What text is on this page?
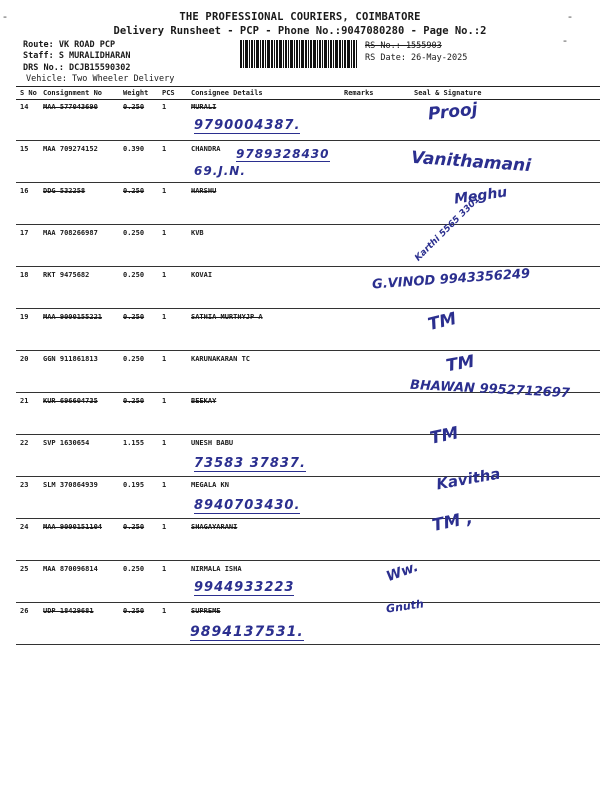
-	-
-
THE PROFESSIONAL COURIERS, COIMBATORE
Delivery Runsheet - PCP - Phone No.:9047080280 - Page No.:2
Route: VK ROAD PCP
Staff: S MURALIDHARAN
DRS No.: DCJB15590302
Vehicle: Two Wheeler Delivery
RS No.: 1555903
RS Date: 26-May-2025
S No Consignment No	Weight PCS Consignee Details	Remarks	Seal & Signature
14 MAA 577043690	0.250	1	MURALI
9790004387.
Prooj
15 MAA 709274152	0.390	1	CHANDRA 9789328430
69.J.N.	Vanithamani
16 DDG 532258	0.250	1	HARSHU	Meghu
17 MAA 708266987	0.250	1	KVB	Karthi 5565 3301
18 RKT 9475682	0.250	1	KOVAI	G.VINOD 9943356249
19 MAA 9000155221	0.250	1	SATHIA MURTHYJP A	TM
20 GGN 911861813	0.250	1	KARUNAKARAN TC	TM
21 KUR 696604735	0.250	1	BEEKAY	BHAWAN 9952712697
22 SVP 1630654	1.155	1	UNESH BABU
73583 37837.
TM
23 SLM 370864939	0.195	1	MEGALA KN
8940703430.
Kavitha
24 MAA 9000151104	0.250	1	SHAGAYARANI	TM ,
25 MAA 870096814	0.250	1	NIRMALA ISHA
9944933223
Ww.
26 UDP 18429681	0.250	1	SUPREME
9894137531.
Gnuth
